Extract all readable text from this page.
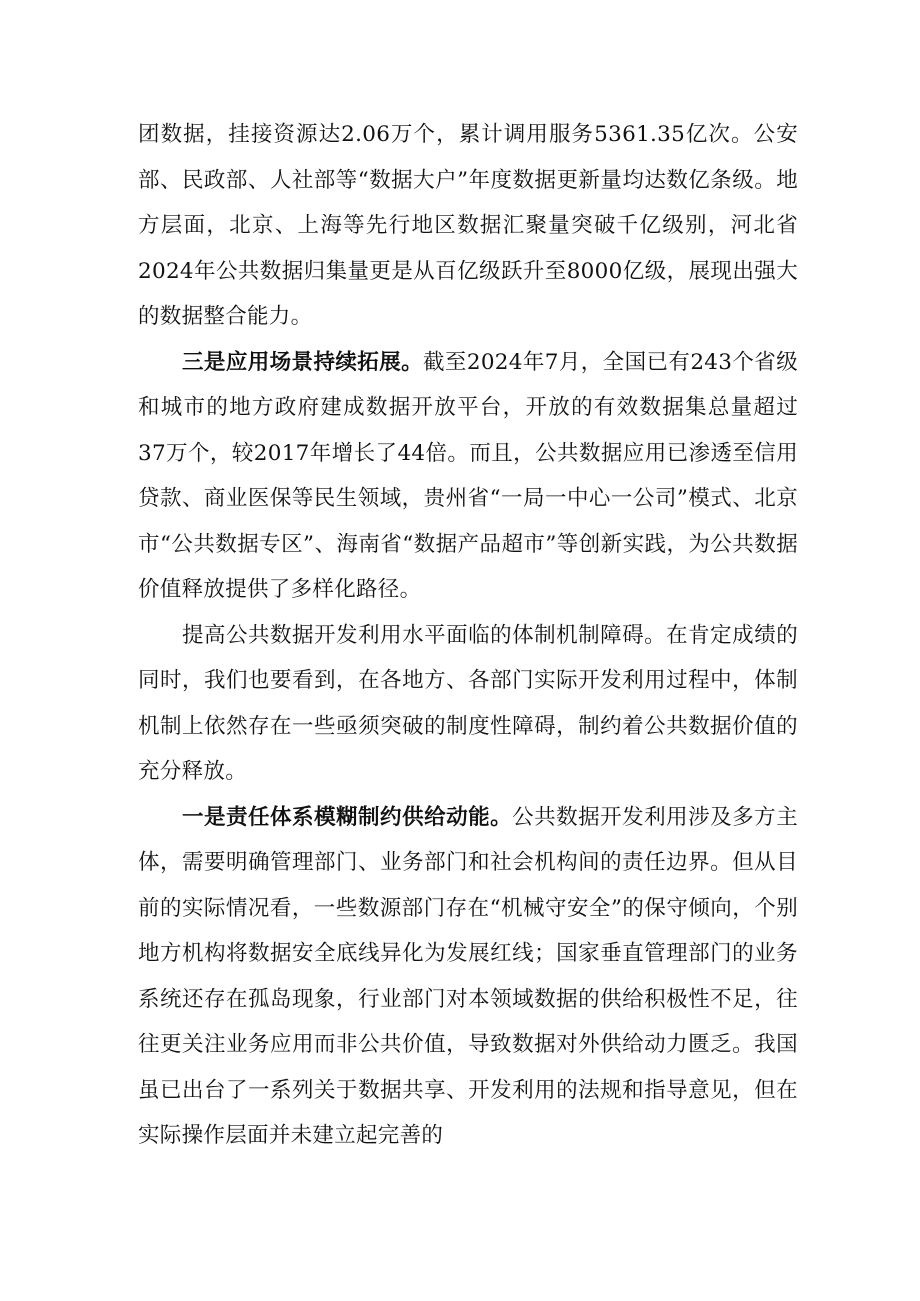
团数据，挂接资源达2.06万个，累计调用服务5361.35亿次。公安部、民政部、人社部等“数据大户”年度数据更新量均达数亿条级。地方层面，北京、上海等先行地区数据汇聚量突破千亿级别，河北省2024年公共数据归集量更是从百亿级跃升至8000亿级，展现出强大的数据整合能力。

三是应用场景持续拓展。截至2024年7月，全国已有243个省级和城市的地方政府建成数据开放平台，开放的有效数据集总量超过37万个，较2017年增长了44倍。而且，公共数据应用已渗透至信用贷款、商业医保等民生领域，贵州省“一局一中心一公司”模式、北京市“公共数据专区”、海南省“数据产品超市”等创新实践，为公共数据价值释放提供了多样化路径。

提高公共数据开发利用水平面临的体制机制障碍。在肯定成绩的同时，我们也要看到，在各地方、各部门实际开发利用过程中，体制机制上依然存在一些亟须突破的制度性障碍，制约着公共数据价值的充分释放。

一是责任体系模糊制约供给动能。公共数据开发利用涉及多方主体，需要明确管理部门、业务部门和社会机构间的责任边界。但从目前的实际情况看，一些数源部门存在“机械守安全”的保守倾向，个别地方机构将数据安全底线异化为发展红线；国家垂直管理部门的业务系统还存在孤岛现象，行业部门对本领域数据的供给积极性不足，往往更关注业务应用而非公共价值，导致数据对外供给动力匮乏。我国虽已出台了一系列关于数据共享、开发利用的法规和指导意见，但在实际操作层面并未建立起完善的
